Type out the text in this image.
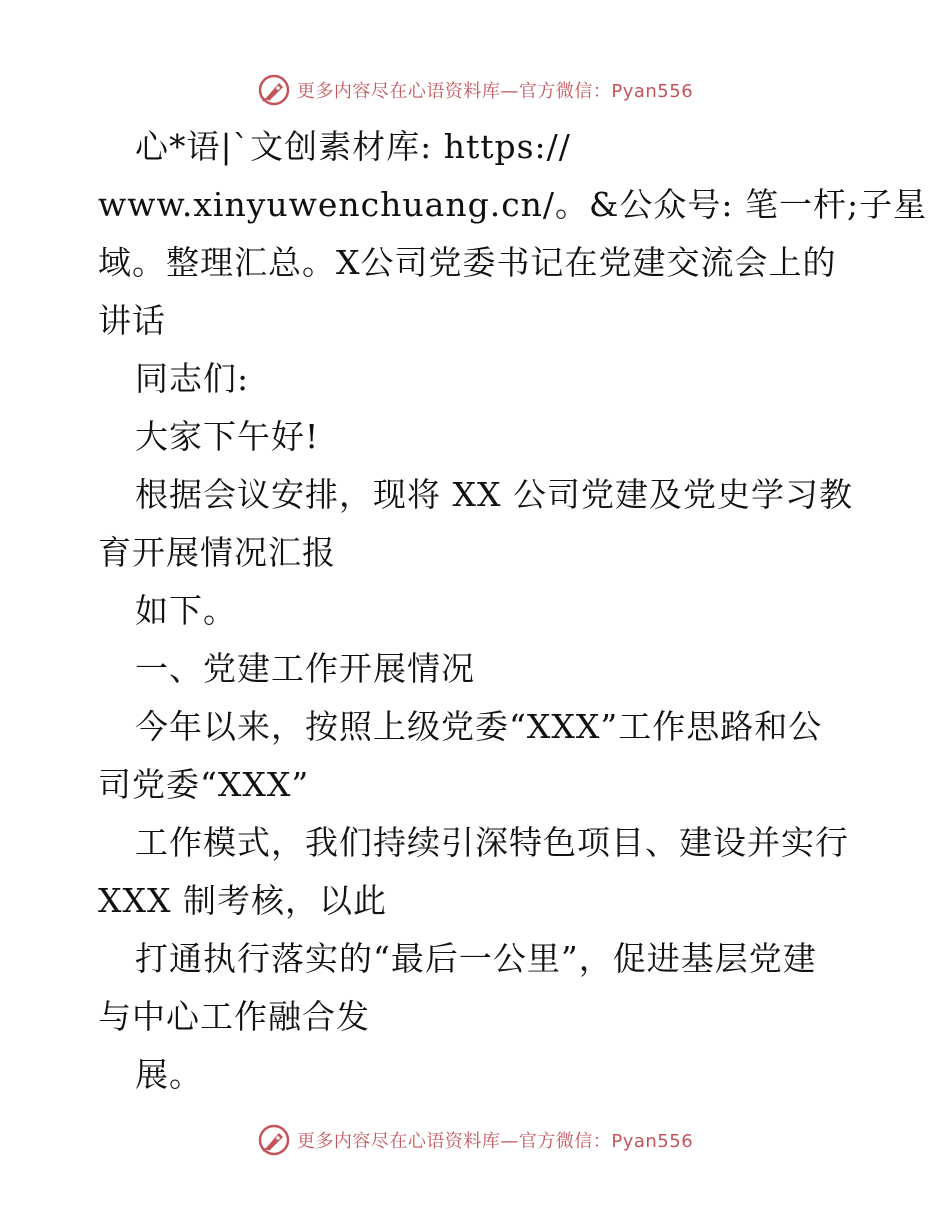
更多内容尽在心语资料库—官方微信：Pyan556
心*语|`文创素材库: https://
www.xinyuwenchuang.cn/。&公众号: 笔一杆;子星
域。整理汇总。X公司党委书记在党建交流会上的
讲话
同志们:
大家下午好!
根据会议安排，现将 XX 公司党建及党史学习教
育开展情况汇报
如下。
一、党建工作开展情况
今年以来，按照上级党委“XXX”工作思路和公
司党委“XXX”
工作模式，我们持续引深特色项目、建设并实行
XXX 制考核，以此
打通执行落实的“最后一公里”，促进基层党建
与中心工作融合发
展。
更多内容尽在心语资料库—官方微信：Pyan556
